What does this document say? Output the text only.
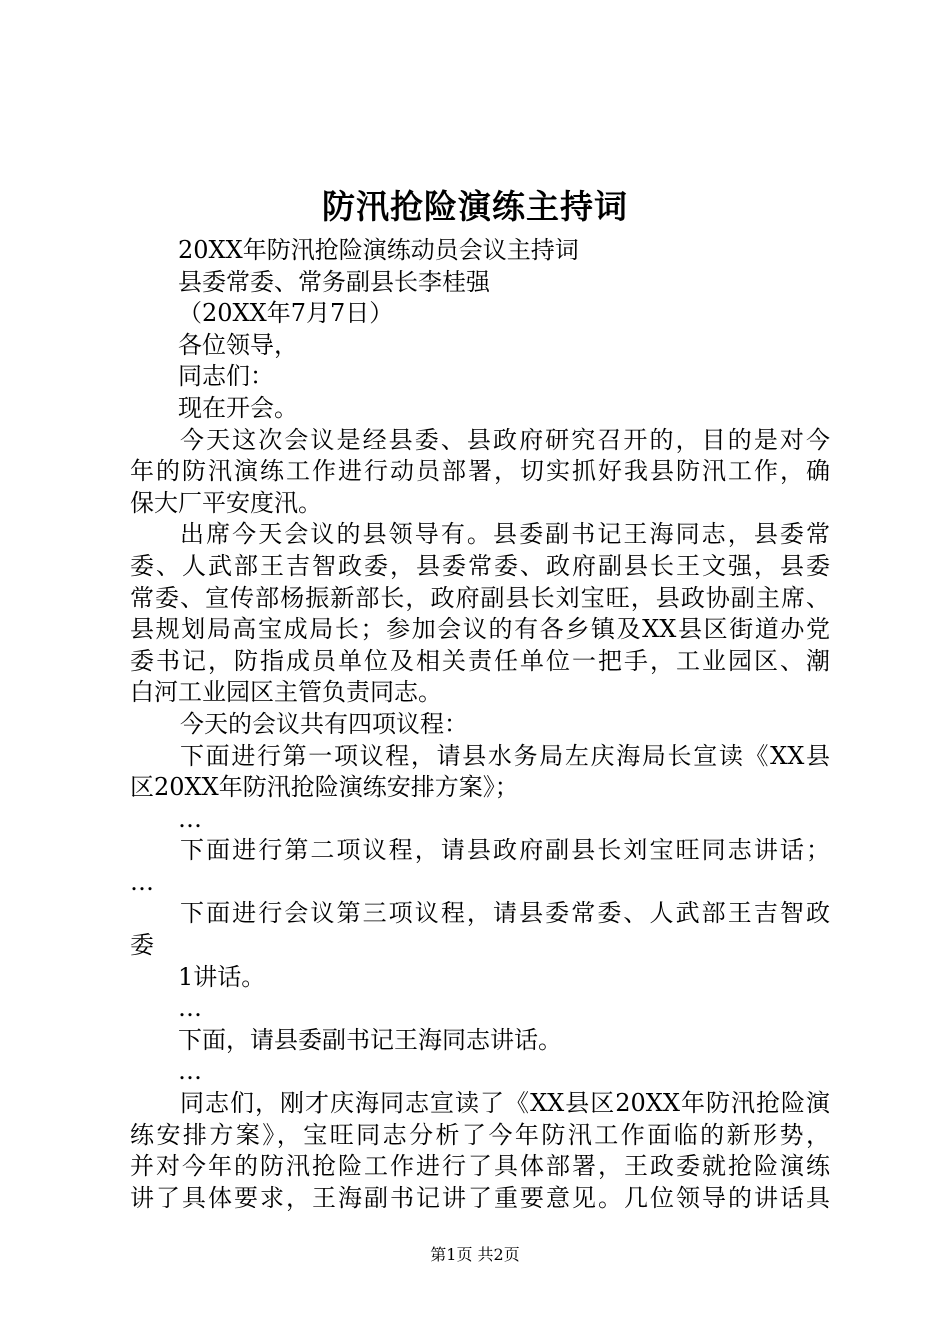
防汛抢险演练主持词
20XX年防汛抢险演练动员会议主持词
县委常委、常务副县长李桂强
（20XX年7月7日）
各位领导，
同志们：
现在开会。
今天这次会议是经县委、县政府研究召开的，目的是对今
年的防汛演练工作进行动员部署，切实抓好我县防汛工作，确
保大厂平安度汛。
出席今天会议的县领导有。县委副书记王海同志，县委常
委、人武部王吉智政委，县委常委、政府副县长王文强，县委
常委、宣传部杨振新部长，政府副县长刘宝旺，县政协副主席、
县规划局高宝成局长；参加会议的有各乡镇及XX县区街道办党
委书记，防指成员单位及相关责任单位一把手，工业园区、潮
白河工业园区主管负责同志。
今天的会议共有四项议程：
下面进行第一项议程，请县水务局左庆海局长宣读《XX县
区20XX年防汛抢险演练安排方案》；
…
下面进行第二项议程，请县政府副县长刘宝旺同志讲话；
…
下面进行会议第三项议程，请县委常委、人武部王吉智政
委
1讲话。
…
下面，请县委副书记王海同志讲话。
…
同志们，刚才庆海同志宣读了《XX县区20XX年防汛抢险演
练安排方案》，宝旺同志分析了今年防汛工作面临的新形势，
并对今年的防汛抢险工作进行了具体部署，王政委就抢险演练
讲了具体要求，王海副书记讲了重要意见。几位领导的讲话具
第1页 共2页
